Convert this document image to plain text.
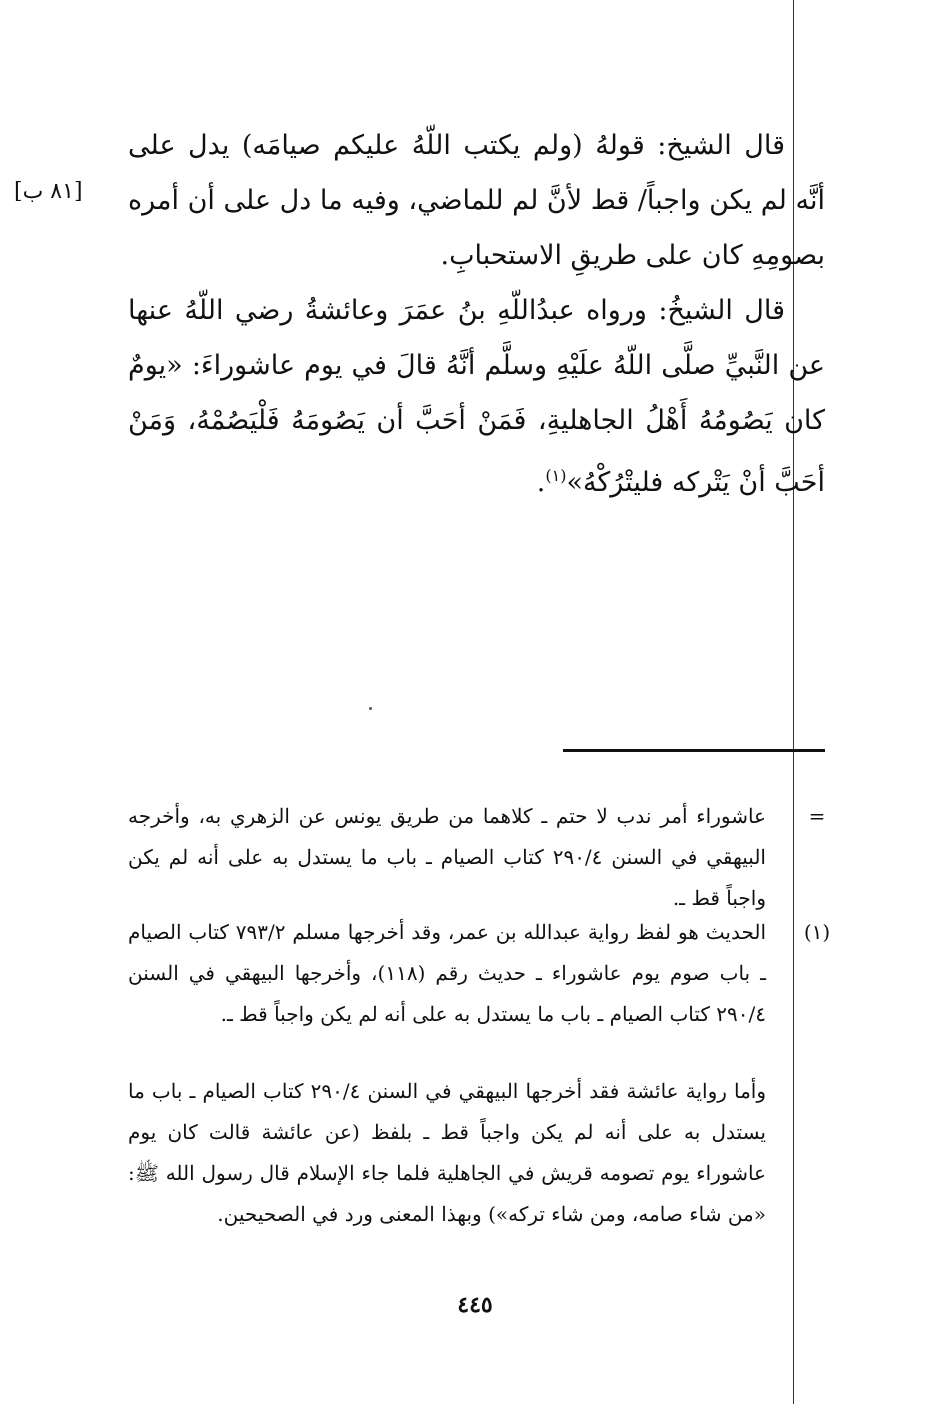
قال الشيخ: قولهُ (ولم يكتب اللّهُ عليكم صيامَه) يدل على أنَّه لم يكن واجباً/ قط لأنَّ لم للماضي، وفيه ما دل على أن أمره بصومِهِ كان على طريقِ الاستحبابِ.

[٨١ ب]

قال الشيخُ: ورواه عبدُاللّهِ بنُ عمَرَ وعائشةُ رضي اللّهُ عنها عن النَّبيِّ صلَّى اللّهُ علَيْهِ وسلَّم أنَّهُ قالَ في يوم عاشوراءَ: «يومٌ كان يَصُومُهُ أَهْلُ الجاهليةِ، فَمَنْ أحَبَّ أن يَصُومَهُ فَلْيَصُمْهُ، وَمَنْ أحَبَّ أنْ يَتْركه فليتْرُكْهُ»$^{(١)}$.

=

عاشوراء أمر ندب لا حتم ـ كلاهما من طريق يونس عن الزهري به، وأخرجه البيهقي في السنن ٢٩٠/٤ كتاب الصيام ـ باب ما يستدل به على أنه لم يكن واجباً قط ـ.

(١)

الحديث هو لفظ رواية عبدالله بن عمر، وقد أخرجها مسلم ٧٩٣/٢ كتاب الصيام ـ باب صوم يوم عاشوراء ـ حديث رقم (١١٨)، وأخرجها البيهقي في السنن ٢٩٠/٤ كتاب الصيام ـ باب ما يستدل به على أنه لم يكن واجباً قط ـ.

وأما رواية عائشة فقد أخرجها البيهقي في السنن ٢٩٠/٤ كتاب الصيام ـ باب ما يستدل به على أنه لم يكن واجباً قط ـ بلفظ (عن عائشة قالت كان يوم عاشوراء يوم تصومه قريش في الجاهلية فلما جاء الإسلام قال رسول الله ﷺ: «من شاء صامه، ومن شاء تركه») وبهذا المعنى ورد في الصحيحين.

٤٤٥
